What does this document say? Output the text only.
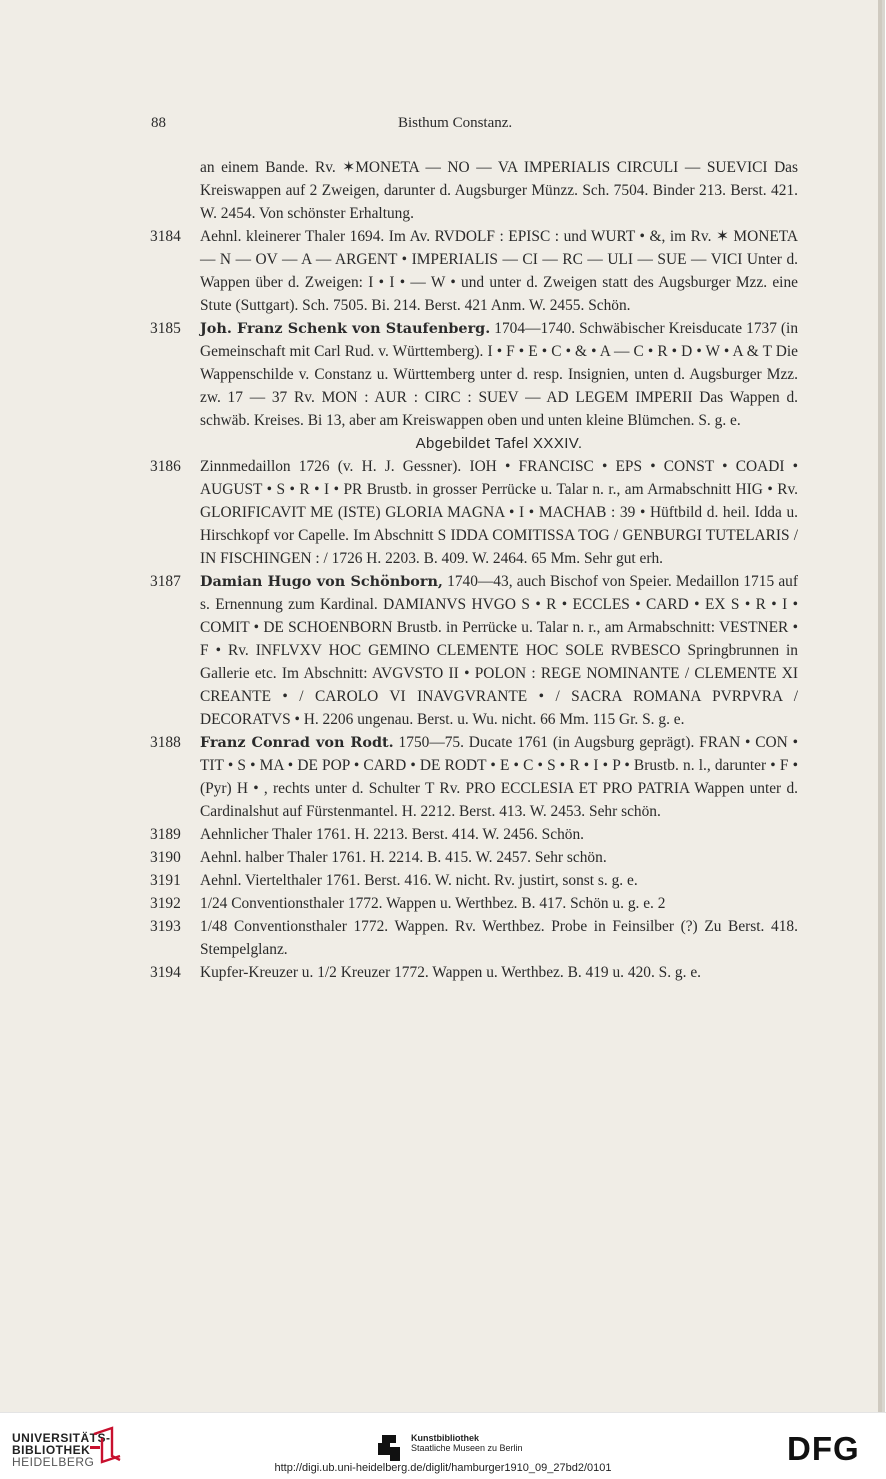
88	Bisthum Constanz.
an einem Bande. Rv. ✶MONETA — NO — VA IMPERIALIS CIRCULI — SUEVICI Das Kreiswappen auf 2 Zweigen, darunter d. Augsburger Münzz. Sch. 7504. Binder 213. Berst. 421. W. 2454. Von schönster Erhaltung.
3184	Aehnl. kleinerer Thaler 1694. Im Av. RVDOLF : EPISC : und WURT • &, im Rv. ✶ MONETA — N — OV — A — ARGENT • IMPERIALIS — CI — RC — ULI — SUE — VICI Unter d. Wappen über d. Zweigen: I • I • — W • und unter d. Zweigen statt des Augsburger Mzz. eine Stute (Suttgart). Sch. 7505. Bi. 214. Berst. 421 Anm. W. 2455. Schön.
3185	Joh. Franz Schenk von Staufenberg. 1704—1740. Schwäbischer Kreisducate 1737 (in Gemeinschaft mit Carl Rud. v. Württemberg). I • F • E • C • & • A — C • R • D • W • A & T Die Wappenschilde v. Constanz u. Württemberg unter d. resp. Insignien, unten d. Augsburger Mzz. zw. 17 — 37 Rv. MON : AUR : CIRC : SUEV — AD LEGEM IMPERII Das Wappen d. schwäb. Kreises. Bi 13, aber am Kreiswappen oben und unten kleine Blümchen. S. g. e.
Abgebildet Tafel XXXIV.
3186	Zinnmedaillon 1726 (v. H. J. Gessner). IOH • FRANCISC • EPS • CONST • COADI • AUGUST • S • R • I • PR Brustb. in grosser Perrücke u. Talar n. r., am Armabschnitt HIG • Rv. GLORIFICAVIT ME (ISTE) GLORIA MAGNA • I • MACHAB : 39 • Hüftbild d. heil. Idda u. Hirschkopf vor Capelle. Im Abschnitt S IDDA COMITISSA TOG / GENBURGI TUTELARIS / IN FISCHINGEN : / 1726 H. 2203. B. 409. W. 2464. 65 Mm. Sehr gut erh.
3187	Damian Hugo von Schönborn, 1740—43, auch Bischof von Speier. Medaillon 1715 auf s. Ernennung zum Kardinal. DAMIANVS HVGO S • R • ECCLES • CARD • EX S • R • I • COMIT • DE SCHOENBORN Brustb. in Perrücke u. Talar n. r., am Armabschnitt: VESTNER • F • Rv. INFLVXV HOC GEMINO CLEMENTE HOC SOLE RVBESCO Springbrunnen in Gallerie etc. Im Abschnitt: AVGVSTO II • POLON : REGE NOMINANTE / CLEMENTE XI CREANTE • / CAROLO VI INAVGVRANTE • / SACRA ROMANA PVRPVRA / DECORATVS • H. 2206 ungenau. Berst. u. Wu. nicht. 66 Mm. 115 Gr. S. g. e.
3188	Franz Conrad von Rodt. 1750—75. Ducate 1761 (in Augsburg geprägt). FRAN • CON • TIT • S • MA • DE POP • CARD • DE RODT • E • C • S • R • I • P • Brustb. n. l., darunter • F • (Pyr) H • , rechts unter d. Schulter T Rv. PRO ECCLESIA ET PRO PATRIA Wappen unter d. Cardinalshut auf Fürstenmantel. H. 2212. Berst. 413. W. 2453. Sehr schön.
3189	Aehnlicher Thaler 1761. H. 2213. Berst. 414. W. 2456. Schön.
3190	Aehnl. halber Thaler 1761. H. 2214. B. 415. W. 2457. Sehr schön.
3191	Aehnl. Viertelthaler 1761. Berst. 416. W. nicht. Rv. justirt, sonst s. g. e.
3192	1/24 Conventionsthaler 1772. Wappen u. Werthbez. B. 417. Schön u. g. e. 2
3193	1/48 Conventionsthaler 1772. Wappen. Rv. Werthbez. Probe in Feinsilber (?) Zu Berst. 418. Stempelglanz.
3194	Kupfer-Kreuzer u. 1/2 Kreuzer 1772. Wappen u. Werthbez. B. 419 u. 420. S. g. e.
UNIVERSITÄTS-
BIBLIOTHEK
HEIDELBERG
Kunstbibliothek
Staatliche Museen zu Berlin	DFG
http://digi.ub.uni-heidelberg.de/diglit/hamburger1910_09_27bd2/0101
